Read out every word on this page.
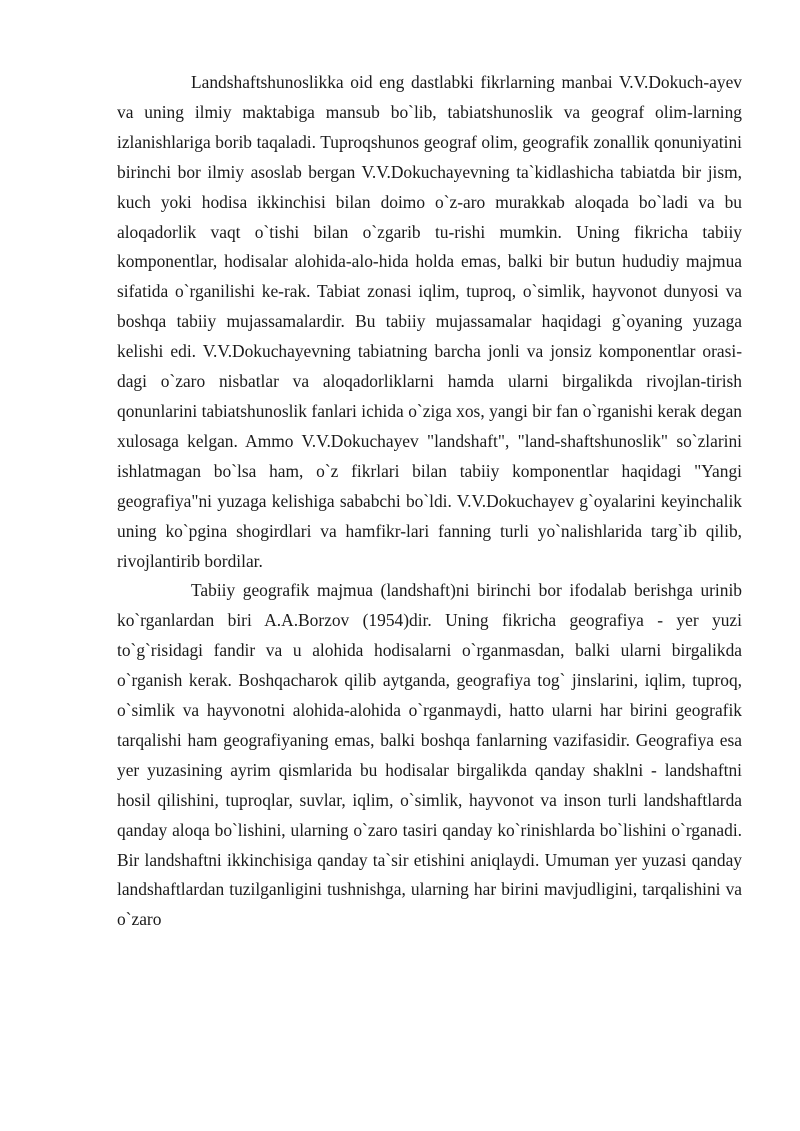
Landshaftshunoslikka oid eng dastlabki fikrlarning manbai V.V.Dokuch-ayev va uning ilmiy maktabiga mansub bo`lib, tabiatshunoslik va geograf olim-larning izlanishlariga borib taqaladi. Tuproqshunos geograf olim, geografik zonallik qonuniyatini birinchi bor ilmiy asoslab bergan V.V.Dokuchayevning ta`kidlashicha tabiatda bir jism, kuch yoki hodisa ikkinchisi bilan doimo o`z-aro murakkab aloqada bo`ladi va bu aloqadorlik vaqt o`tishi bilan o`zgarib tu-rishi mumkin. Uning fikricha tabiiy komponentlar, hodisalar alohida-alo-hida holda emas, balki bir butun hududiy majmua sifatida o`rganilishi ke-rak. Tabiat zonasi iqlim, tuproq, o`simlik, hayvonot dunyosi va boshqa tabiiy mujassamalardir. Bu tabiiy mujassamalar haqidagi g`oyaning yuzaga kelishi edi. V.V.Dokuchayevning tabiatning barcha jonli va jonsiz komponentlar orasi-dagi o`zaro nisbatlar va aloqadorliklarni hamda ularni birgalikda rivojlan-tirish qonunlarini tabiatshunoslik fanlari ichida o`ziga xos, yangi bir fan o`rganishi kerak degan xulosaga kelgan. Ammo V.V.Dokuchayev "landshaft", "land-shaftshunoslik" so`zlarini ishlatmagan bo`lsa ham, o`z fikrlari bilan tabiiy komponentlar haqidagi "Yangi geografiya"ni yuzaga kelishiga sababchi bo`ldi. V.V.Dokuchayev g`oyalarini keyinchalik uning ko`pgina shogirdlari va hamfikr-lari fanning turli yo`nalishlarida targ`ib qilib, rivojlantirib bordilar.

Tabiiy geografik majmua (landshaft)ni birinchi bor ifodalab berishga urinib ko`rganlardan biri A.A.Borzov (1954)dir. Uning fikricha geografiya - yer yuzi to`g`risidagi fandir va u alohida hodisalarni o`rganmasdan, balki ularni birgalikda o`rganish kerak. Boshqacharok qilib aytganda, geografiya tog` jinslarini, iqlim, tuproq, o`simlik va hayvonotni alohida-alohida o`rganmaydi, hatto ularni har birini geografik tarqalishi ham geografiyaning emas, balki boshqa fanlarning vazifasidir. Geografiya esa yer yuzasining ayrim qismlarida bu hodisalar birgalikda qanday shaklni - landshaftni hosil qilishini, tuproqlar, suvlar, iqlim, o`simlik, hayvonot va inson turli landshaftlarda qanday aloqa bo`lishini, ularning o`zaro tasiri qanday ko`rinishlarda bo`lishini o`rganadi. Bir landshaftni ikkinchisiga qanday ta`sir etishini aniqlaydi. Umuman yer yuzasi qanday landshaftlardan tuzilganligini tushnishga, ularning har birini mavjudligini, tarqalishini va o`zaro
